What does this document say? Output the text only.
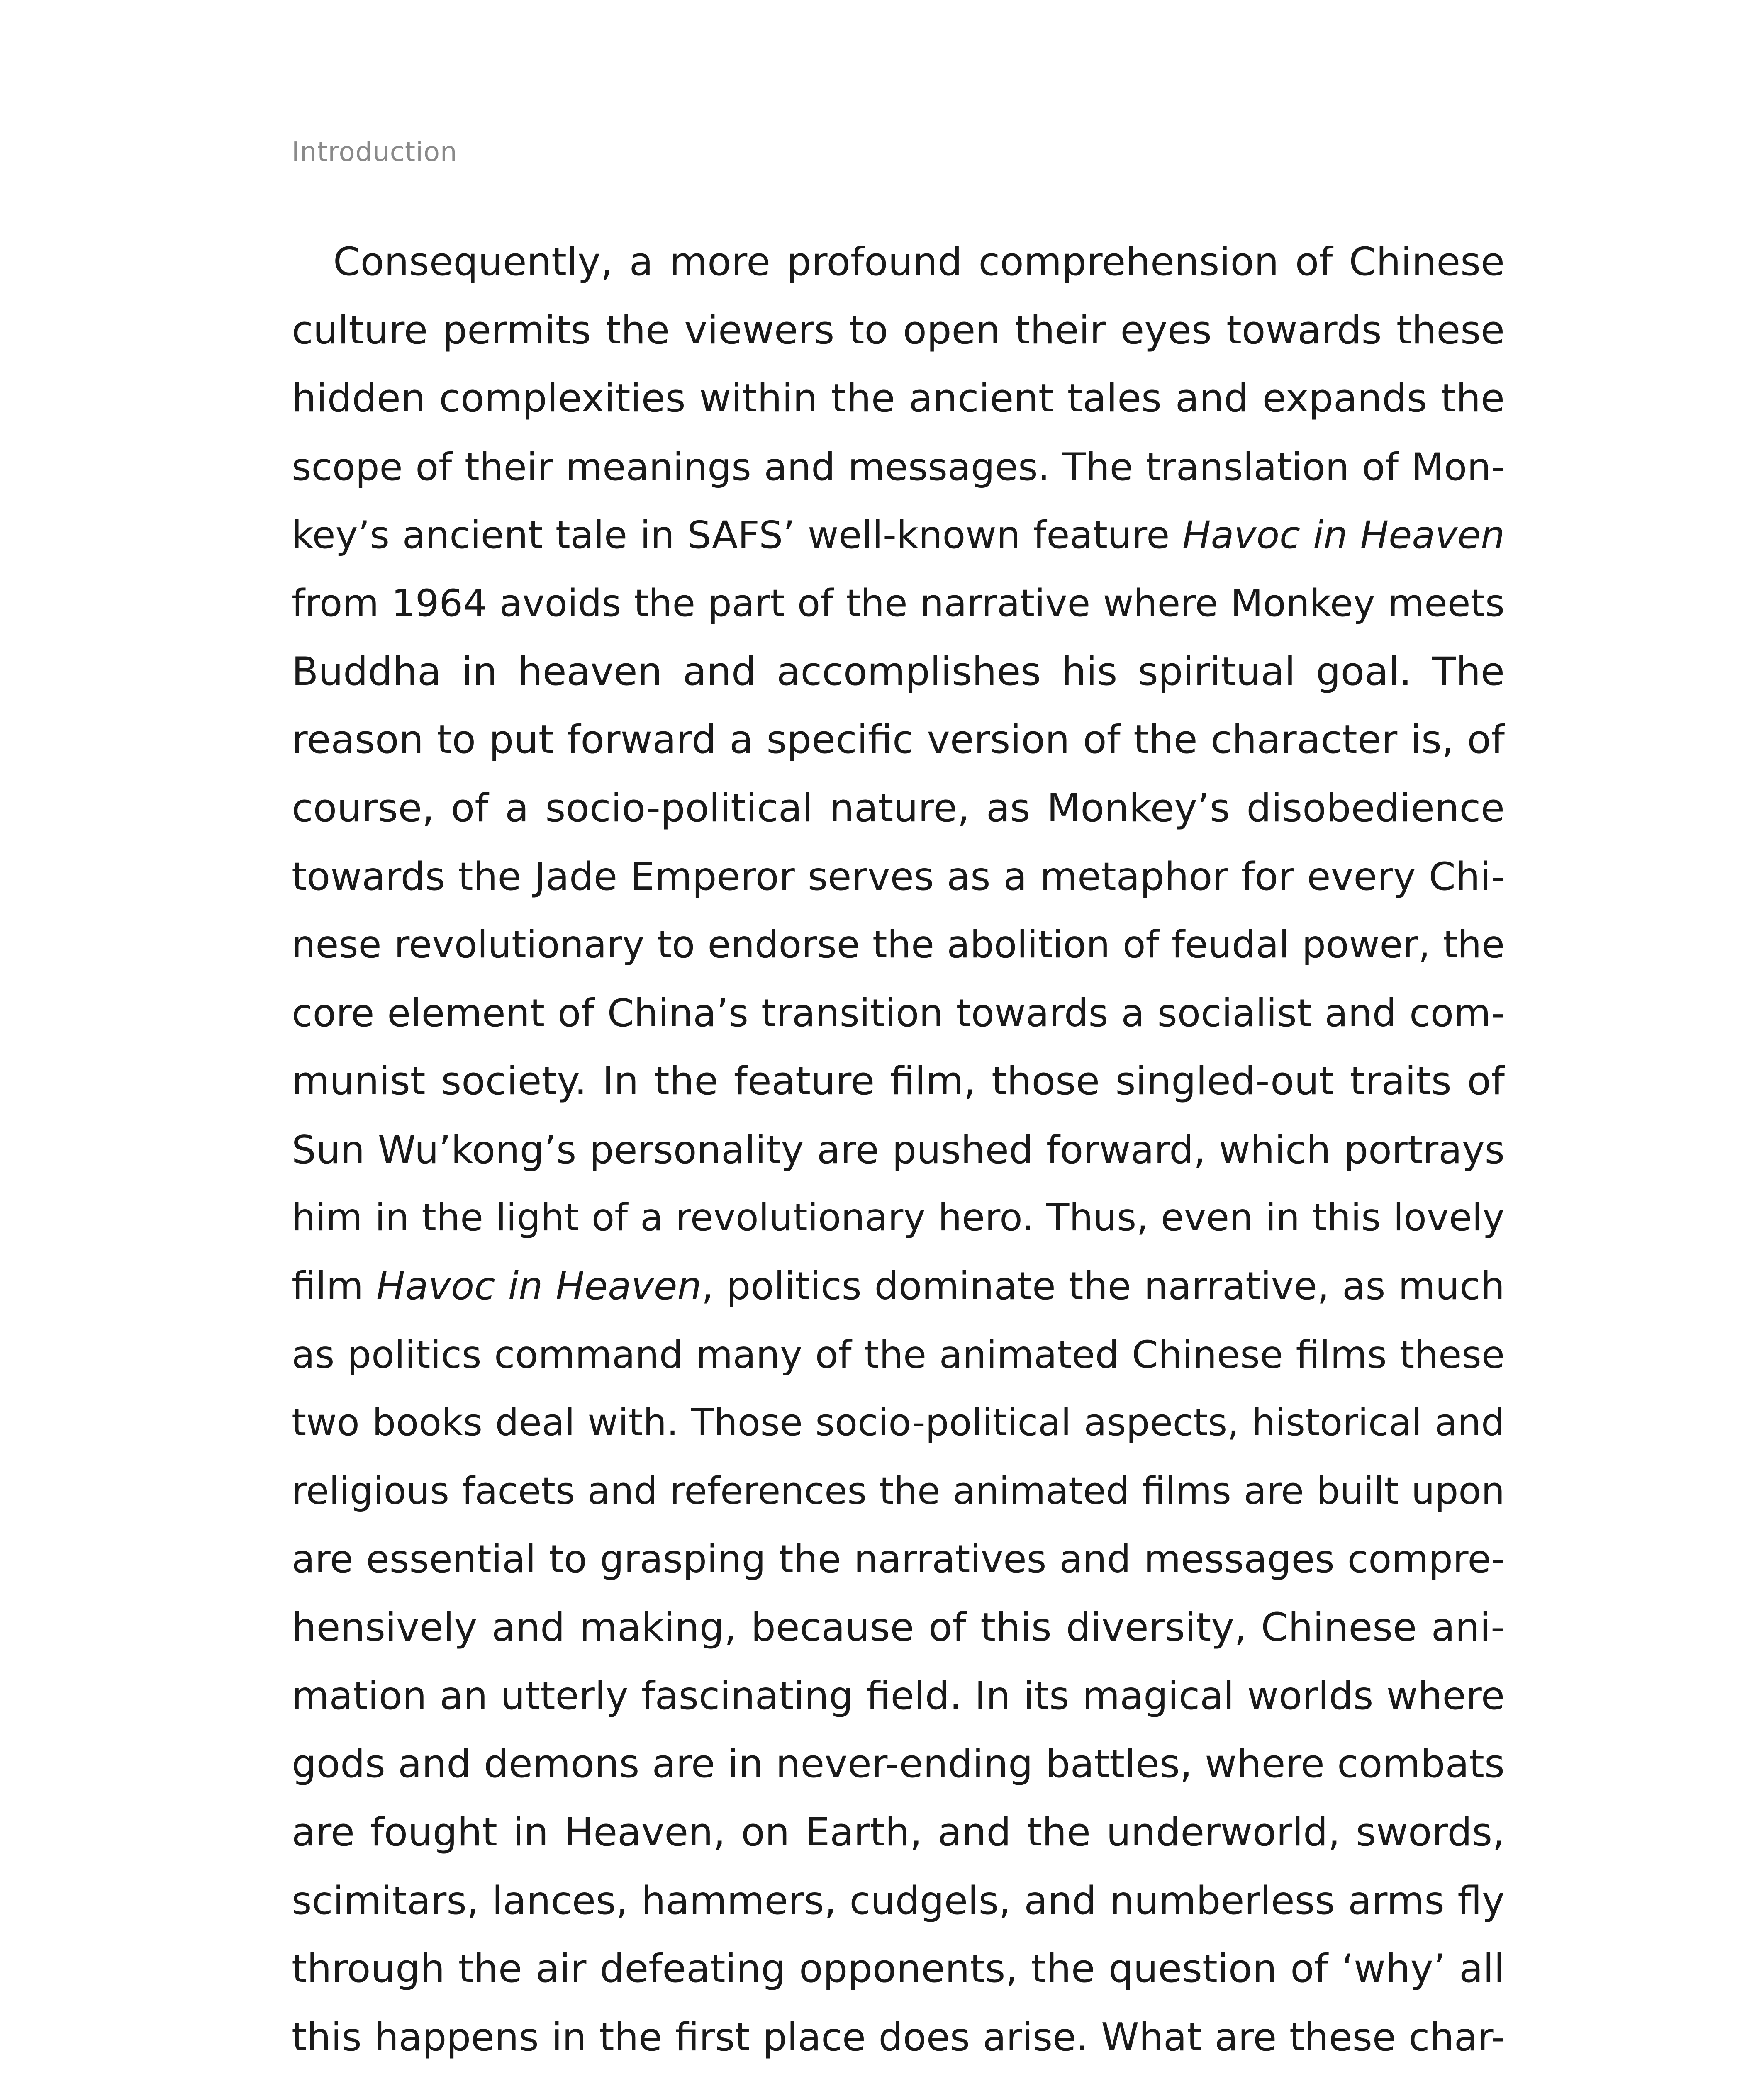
Introduction
Consequently, a more profound comprehension of Chinese
culture permits the viewers to open their eyes towards these
hidden complexities within the ancient tales and expands the
scope of their meanings and messages. The translation of Mon-
key’s ancient tale in SAFS’ well-known feature Havoc in Heaven
from 1964 avoids the part of the narrative where Monkey meets
Buddha in heaven and accomplishes his spiritual goal. The
reason to put forward a specific version of the character is, of
course, of a socio-political nature, as Monkey’s disobedience
towards the Jade Emperor serves as a metaphor for every Chi-
nese revolutionary to endorse the abolition of feudal power, the
core element of China’s transition towards a socialist and com-
munist society. In the feature film, those singled-out traits of
Sun Wu’kong’s personality are pushed forward, which portrays
him in the light of a revolutionary hero. Thus, even in this lovely
film Havoc in Heaven, politics dominate the narrative, as much
as politics command many of the animated Chinese films these
two books deal with. Those socio-political aspects, historical and
religious facets and references the animated films are built upon
are essential to grasping the narratives and messages compre-
hensively and making, because of this diversity, Chinese ani-
mation an utterly fascinating field. In its magical worlds where
gods and demons are in never-ending battles, where combats
are fought in Heaven, on Earth, and the underworld, swords,
scimitars, lances, hammers, cudgels, and numberless arms fly
through the air defeating opponents, the question of ‘why’ all
this happens in the first place does arise. What are these char-
